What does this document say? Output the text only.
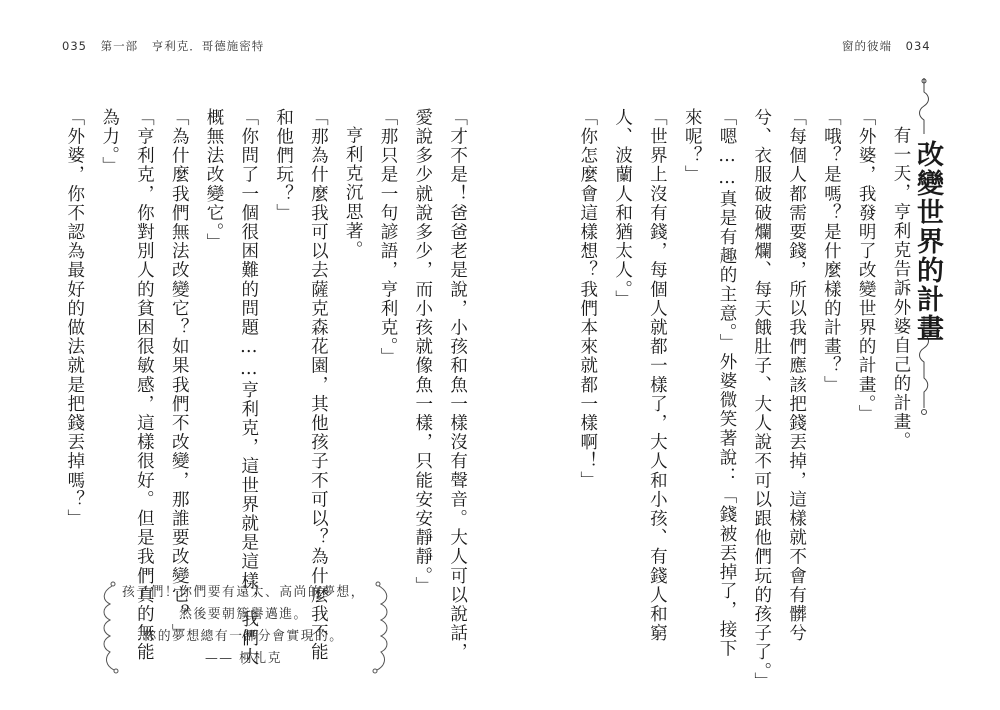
035 第一部 亨利克．哥德施密特	窗的彼端 034
改變世界的計畫

有一天，亨利克告訴外婆自己的計畫。

「外婆，我發明了改變世界的計畫。」

「哦？是嗎？是什麼樣的計畫？」

「每個人都需要錢，所以我們應該把錢丟掉，這樣就不會有髒兮

兮、衣服破破爛爛、每天餓肚子、大人說不可以跟他們玩的孩子了。」

「嗯……真是有趣的主意。」外婆微笑著說：「錢被丟掉了，接下

來呢？」

「世界上沒有錢，每個人就都一樣了，大人和小孩、有錢人和窮

人、波蘭人和猶太人。」

「你怎麼會這樣想？我們本來就都一樣啊！」

「才不是！爸爸老是說，小孩和魚一樣沒有聲音。大人可以說話，

愛說多少就說多少，而小孩就像魚一樣，只能安安靜靜。」

「那只是一句諺語，亨利克。」

亨利克沉思著。

「那為什麼我可以去薩克森花園，其他孩子不可以？為什麼我不能

和他們玩？」

「你問了一個很困難的問題……亨利克，這世界就是這樣，我們大

概無法改變它。」

「為什麼我們無法改變它？如果我們不改變，那誰要改變它？」

「亨利克，你對別人的貧困很敏感，這樣很好。但是我們真的無能

為力。」

「外婆，你不認為最好的做法就是把錢丟掉嗎？」

孩子們！你們要有遠大、高尚的夢想，
然後要朝簇譽邁進。
你的夢想總有一部分會實現的。
—— 柯札克
